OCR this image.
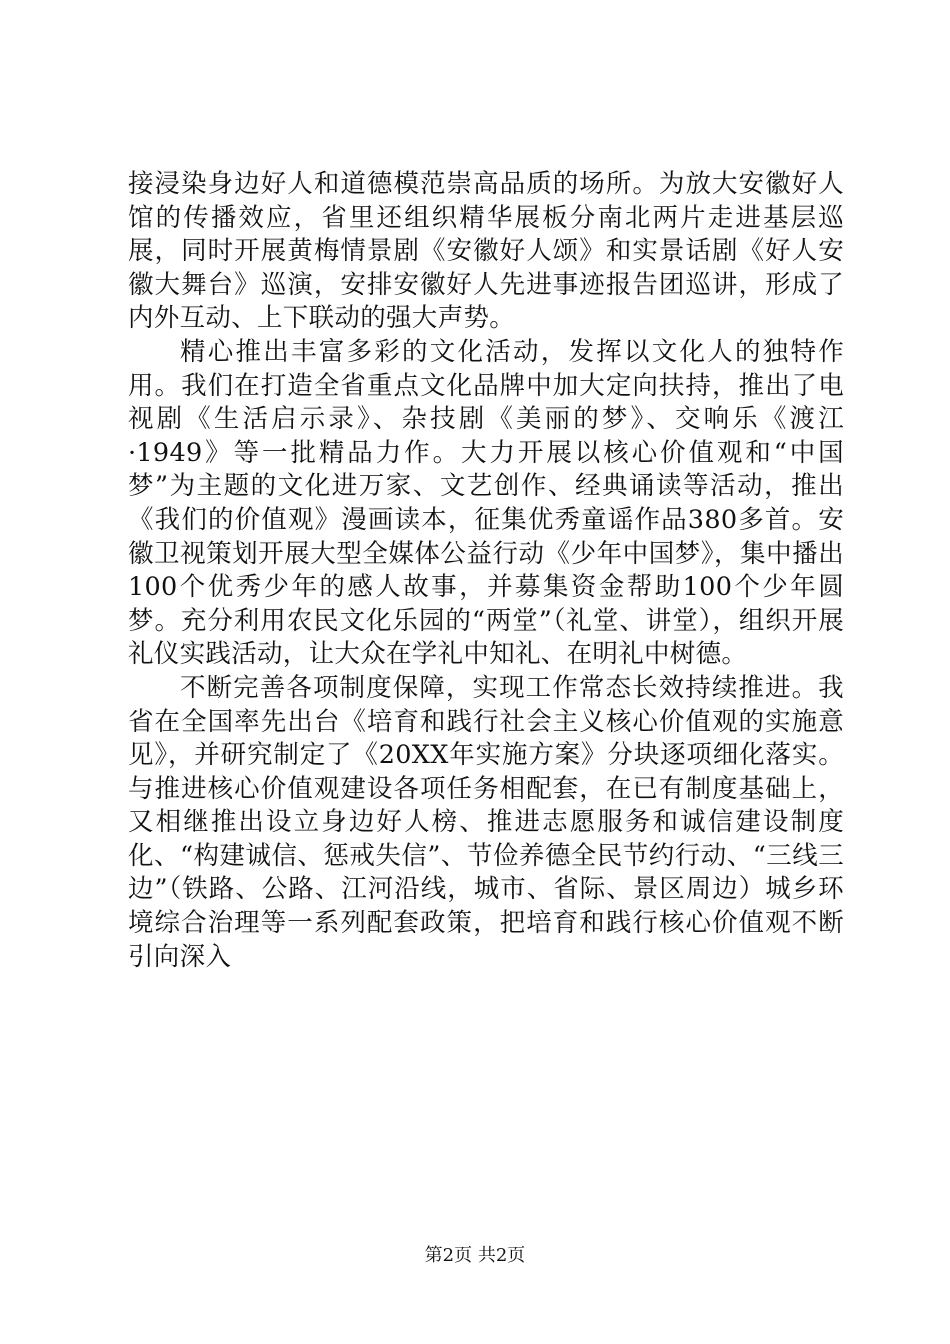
接浸染身边好人和道德模范崇高品质的场所。为放大安徽好人馆的传播效应，省里还组织精华展板分南北两片走进基层巡展，同时开展黄梅情景剧《安徽好人颂》和实景话剧《好人安徽大舞台》巡演，安排安徽好人先进事迹报告团巡讲，形成了内外互动、上下联动的强大声势。

精心推出丰富多彩的文化活动，发挥以文化人的独特作用。我们在打造全省重点文化品牌中加大定向扶持，推出了电视剧《生活启示录》、杂技剧《美丽的梦》、交响乐《渡江·1949》等一批精品力作。大力开展以核心价值观和“中国梦”为主题的文化进万家、文艺创作、经典诵读等活动，推出《我们的价值观》漫画读本，征集优秀童谣作品380多首。安徽卫视策划开展大型全媒体公益行动《少年中国梦》，集中播出100个优秀少年的感人故事，并募集资金帮助100个少年圆梦。充分利用农民文化乐园的“两堂”（礼堂、讲堂），组织开展礼仪实践活动，让大众在学礼中知礼、在明礼中树德。

不断完善各项制度保障，实现工作常态长效持续推进。我省在全国率先出台《培育和践行社会主义核心价值观的实施意见》，并研究制定了《20XX年实施方案》分块逐项细化落实。与推进核心价值观建设各项任务相配套，在已有制度基础上，又相继推出设立身边好人榜、推进志愿服务和诚信建设制度化、“构建诚信、惩戒失信”、节俭养德全民节约行动、“三线三边”（铁路、公路、江河沿线，城市、省际、景区周边）城乡环境综合治理等一系列配套政策，把培育和践行核心价值观不断引向深入

第2页 共2页
